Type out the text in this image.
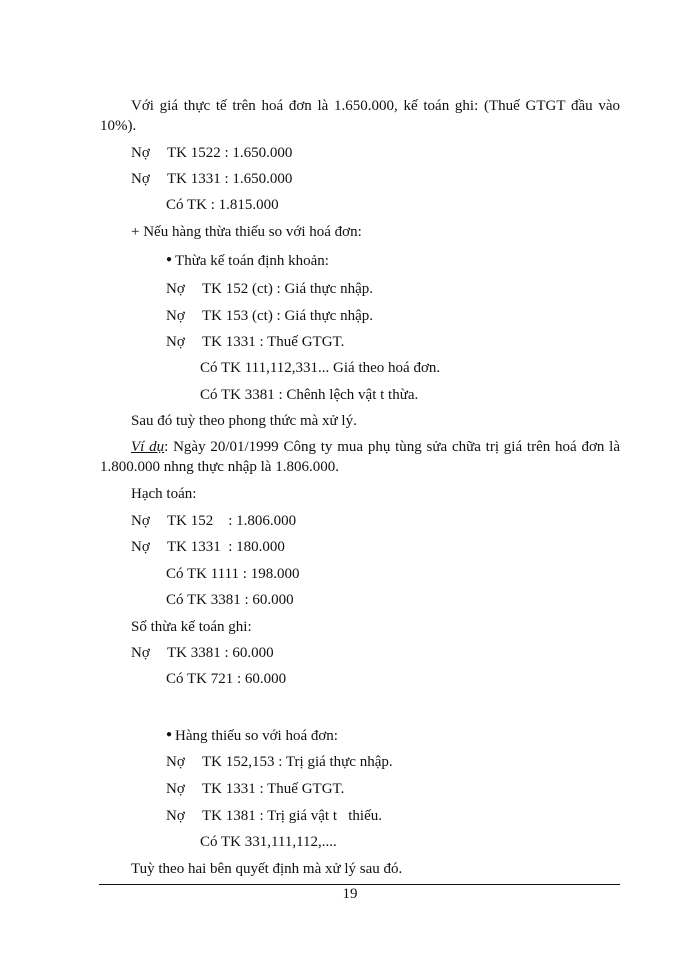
Với giá thực tế trên hoá đơn là 1.650.000, kế toán ghi: (Thuế GTGT đầu vào 10%).
Nợ TK 1522 : 1.650.000
Nợ TK 1331 : 1.650.000
Có TK : 1.815.000
+ Nếu hàng thừa thiếu so với hoá đơn:
● Thừa kế toán định khoản:
Nợ TK 152 (ct) : Giá thực nhập.
Nợ TK 153 (ct) : Giá thực nhập.
Nợ TK 1331 : Thuế GTGT.
Có TK 111,112,331... Giá theo hoá đơn.
Có TK 3381 : Chênh lệch vật t thừa.
Sau đó tuỳ theo phong thức mà xử lý.
Ví dụ: Ngày 20/01/1999 Công ty mua phụ tùng sửa chữa trị giá trên hoá đơn là 1.800.000 nhng thực nhập là 1.806.000.
Hạch toán:
Nợ TK 152    : 1.806.000
Nợ TK 1331  : 180.000
Có TK 1111 : 198.000
Có TK 3381 : 60.000
Số thừa kế toán ghi:
Nợ TK 3381 : 60.000
Có TK 721 : 60.000
● Hàng thiếu so với hoá đơn:
Nợ TK 152,153 : Trị giá thực nhập.
Nợ TK 1331 : Thuế GTGT.
Nợ TK 1381 : Trị giá vật t   thiếu.
Có TK 331,111,112,....
Tuỳ theo hai bên quyết định mà xử lý sau đó.
19
